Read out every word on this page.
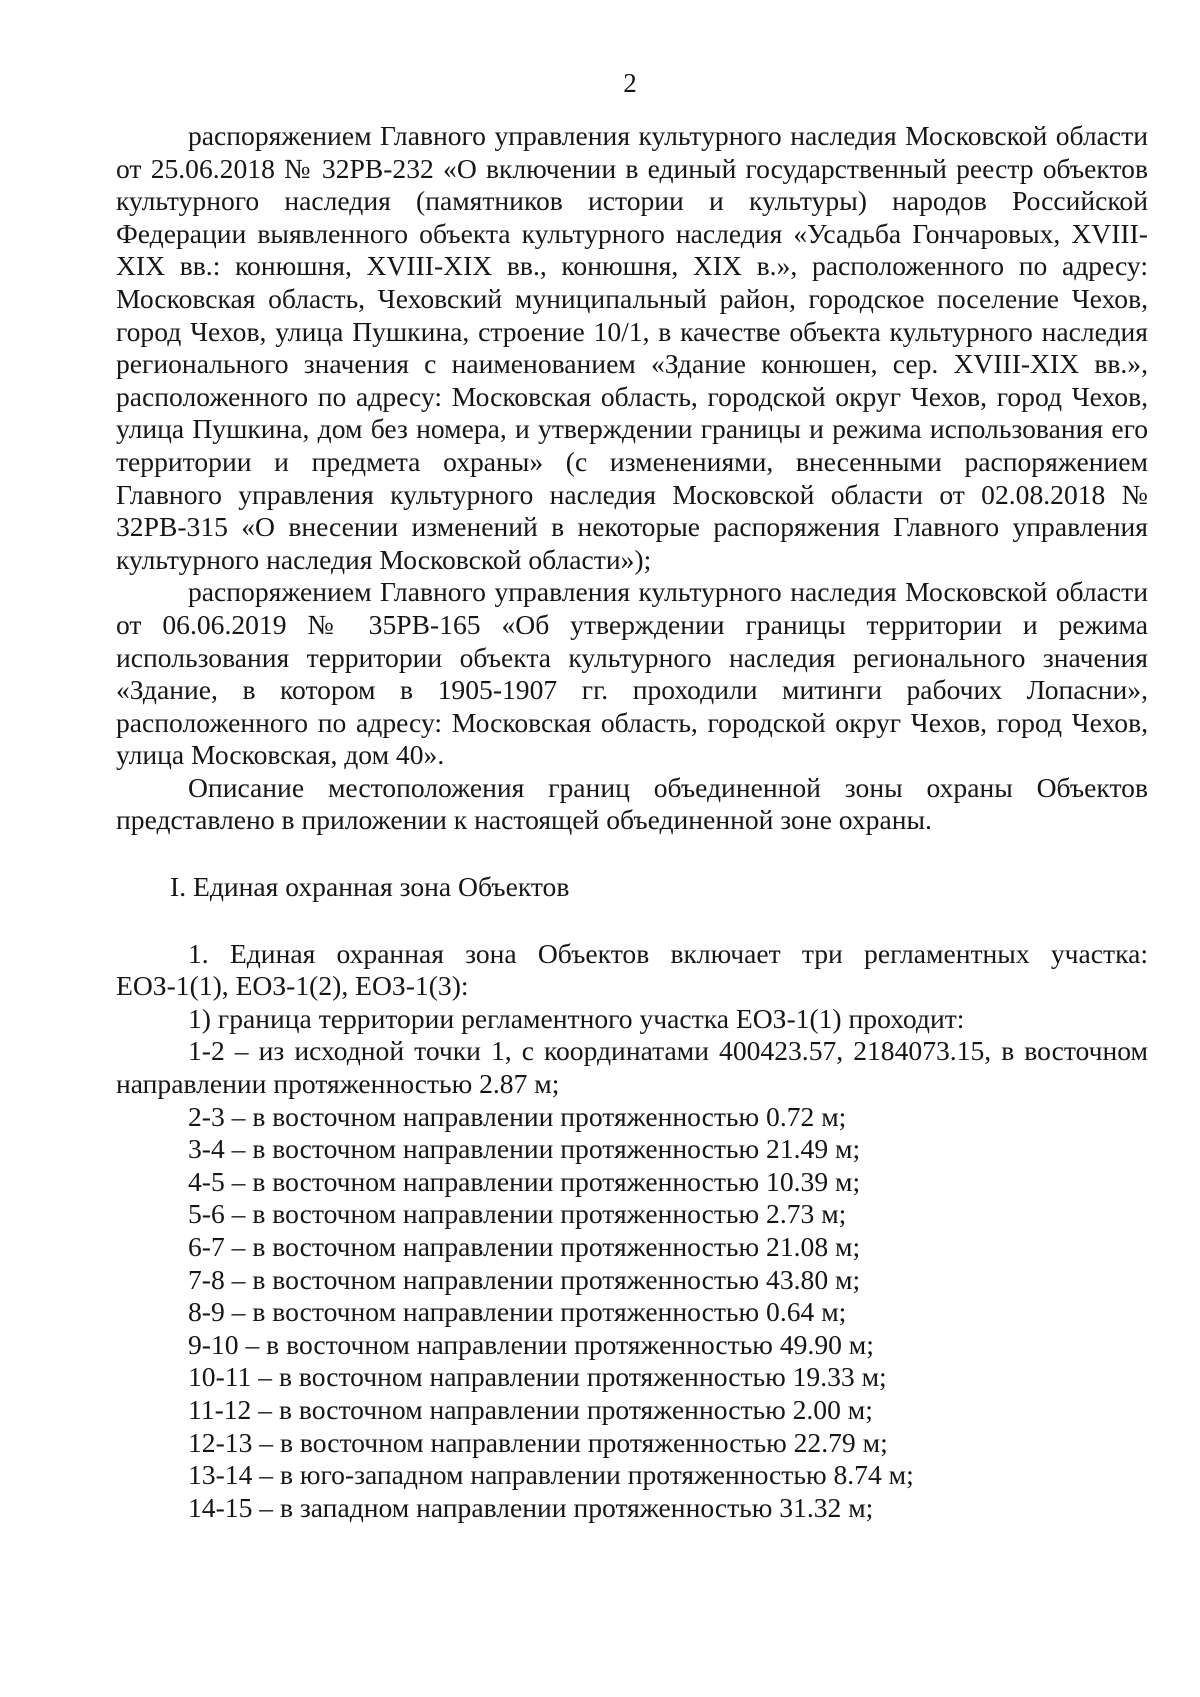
2

распоряжением Главного управления культурного наследия Московской области от 25.06.2018 № 32РВ-232 «О включении в единый государственный реестр объектов культурного наследия (памятников истории и культуры) народов Российской Федерации выявленного объекта культурного наследия «Усадьба Гончаровых, XVIII-XIX вв.: конюшня, XVIII-XIX вв., конюшня, XIX в.», расположенного по адресу: Московская область, Чеховский муниципальный район, городское поселение Чехов, город Чехов, улица Пушкина, строение 10/1, в качестве объекта культурного наследия регионального значения с наименованием «Здание конюшен, сер. XVIII-XIX вв.», расположенного по адресу: Московская область, городской округ Чехов, город Чехов, улица Пушкина, дом без номера, и утверждении границы и режима использования его территории и предмета охраны» (с изменениями, внесенными распоряжением Главного управления культурного наследия Московской области от 02.08.2018 № 32РВ-315 «О внесении изменений в некоторые распоряжения Главного управления культурного наследия Московской области»);

распоряжением Главного управления культурного наследия Московской области от 06.06.2019 № 35РВ-165 «Об утверждении границы территории и режима использования территории объекта культурного наследия регионального значения «Здание, в котором в 1905-1907 гг. проходили митинги рабочих Лопасни», расположенного по адресу: Московская область, городской округ Чехов, город Чехов, улица Московская, дом 40».

Описание местоположения границ объединенной зоны охраны Объектов представлено в приложении к настоящей объединенной зоне охраны.

I. Единая охранная зона Объектов

1. Единая охранная зона Объектов включает три регламентных участка: ЕОЗ-1(1), ЕОЗ-1(2), ЕОЗ-1(3):

1) граница территории регламентного участка ЕОЗ-1(1) проходит:

1-2 – из исходной точки 1, с координатами 400423.57, 2184073.15, в восточном направлении протяженностью 2.87 м;

2-3 – в восточном направлении протяженностью 0.72 м;

3-4 – в восточном направлении протяженностью 21.49 м;

4-5 – в восточном направлении протяженностью 10.39 м;

5-6 – в восточном направлении протяженностью 2.73 м;

6-7 – в восточном направлении протяженностью 21.08 м;

7-8 – в восточном направлении протяженностью 43.80 м;

8-9 – в восточном направлении протяженностью 0.64 м;

9-10 – в восточном направлении протяженностью 49.90 м;

10-11 – в восточном направлении протяженностью 19.33 м;

11-12 – в восточном направлении протяженностью 2.00 м;

12-13 – в восточном направлении протяженностью 22.79 м;

13-14 – в юго-западном направлении протяженностью 8.74 м;

14-15 – в западном направлении протяженностью 31.32 м;
